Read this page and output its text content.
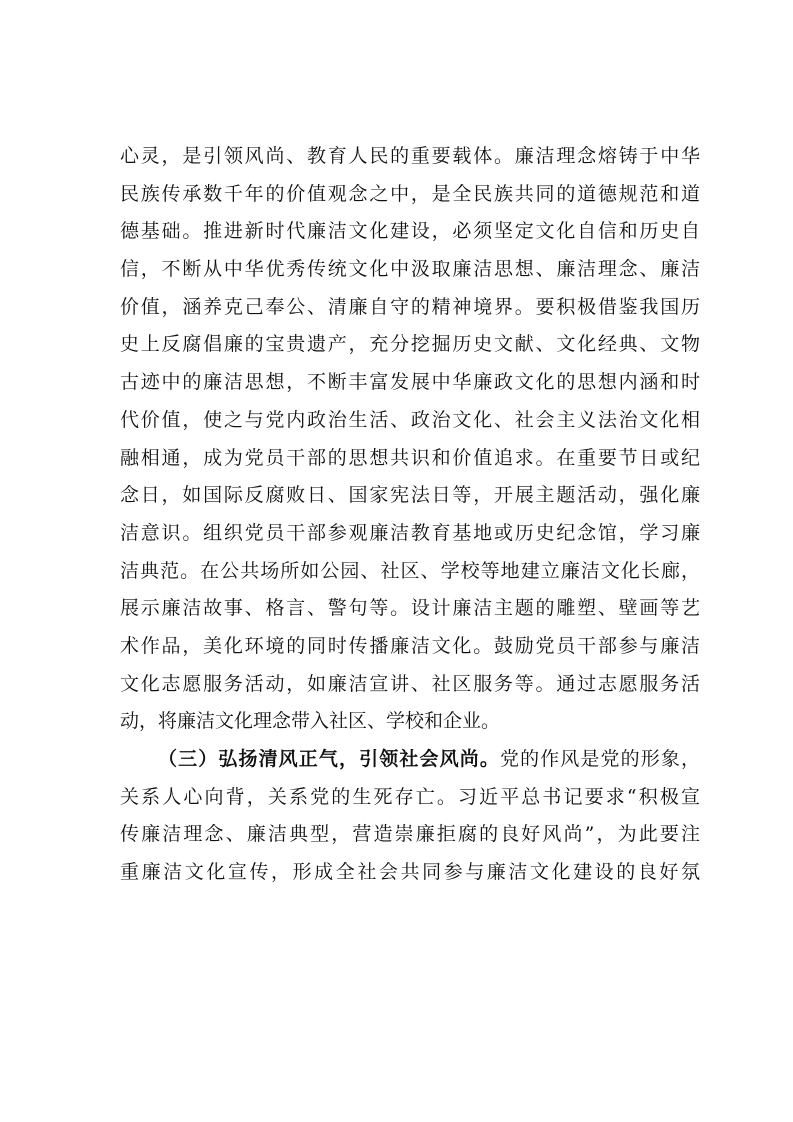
心灵，是引领风尚、教育人民的重要载体。廉洁理念熔铸于中华
民族传承数千年的价值观念之中，是全民族共同的道德规范和道
德基础。推进新时代廉洁文化建设，必须坚定文化自信和历史自
信，不断从中华优秀传统文化中汲取廉洁思想、廉洁理念、廉洁
价值，涵养克己奉公、清廉自守的精神境界。要积极借鉴我国历
史上反腐倡廉的宝贵遗产，充分挖掘历史文献、文化经典、文物
古迹中的廉洁思想，不断丰富发展中华廉政文化的思想内涵和时
代价值，使之与党内政治生活、政治文化、社会主义法治文化相
融相通，成为党员干部的思想共识和价值追求。在重要节日或纪
念日，如国际反腐败日、国家宪法日等，开展主题活动，强化廉
洁意识。组织党员干部参观廉洁教育基地或历史纪念馆，学习廉
洁典范。在公共场所如公园、社区、学校等地建立廉洁文化长廊，
展示廉洁故事、格言、警句等。设计廉洁主题的雕塑、壁画等艺
术作品，美化环境的同时传播廉洁文化。鼓励党员干部参与廉洁
文化志愿服务活动，如廉洁宣讲、社区服务等。通过志愿服务活
动，将廉洁文化理念带入社区、学校和企业。
（三）弘扬清风正气，引领社会风尚。党的作风是党的形象，
关系人心向背，关系党的生死存亡。习近平总书记要求“积极宣
传廉洁理念、廉洁典型，营造崇廉拒腐的良好风尚”，为此要注
重廉洁文化宣传，形成全社会共同参与廉洁文化建设的良好氛
